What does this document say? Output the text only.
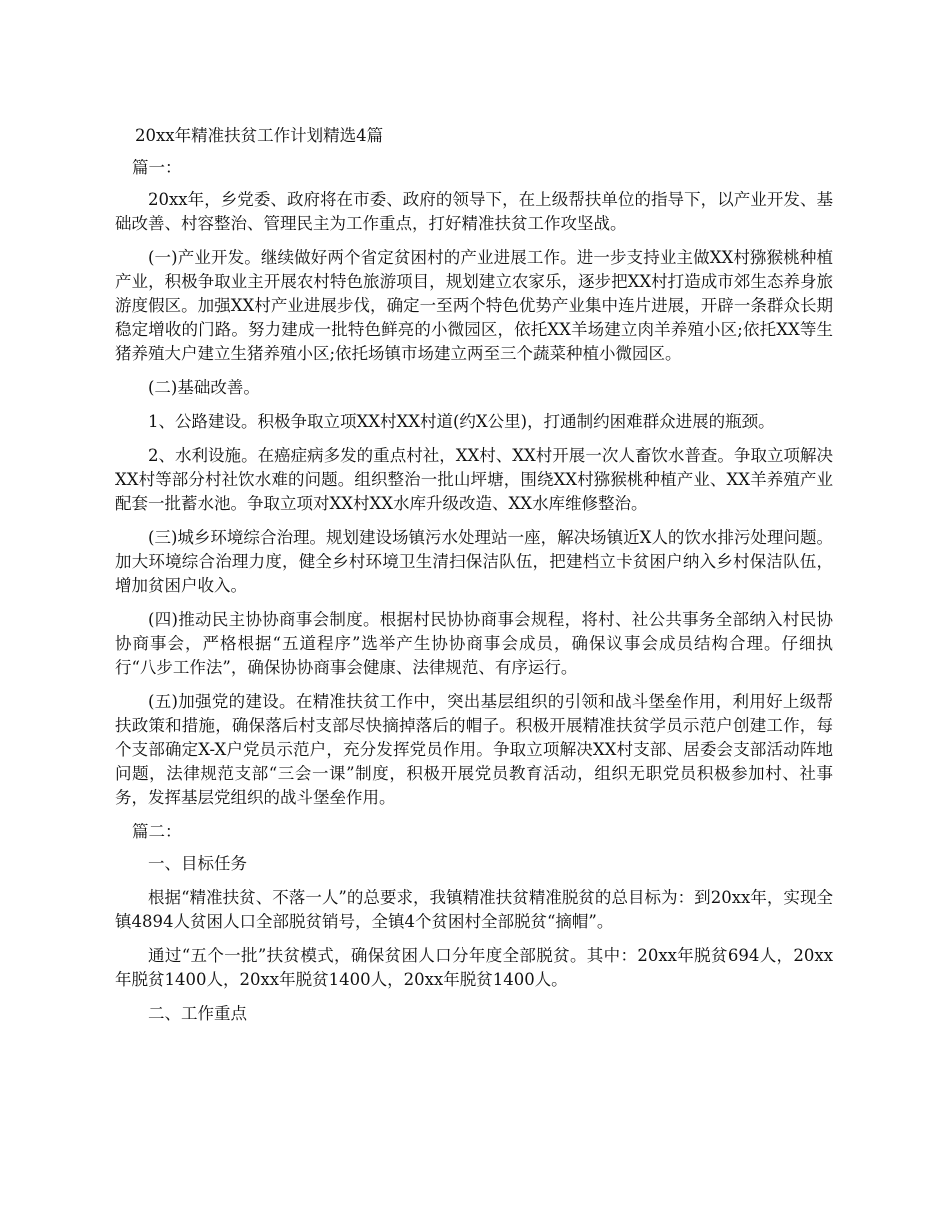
20xx年精准扶贫工作计划精选4篇
篇一：

20xx年，乡党委、政府将在市委、政府的领导下，在上级帮扶单位的指导下，以产业开发、基础改善、村容整治、管理民主为工作重点，打好精准扶贫工作攻坚战。

(一)产业开发。继续做好两个省定贫困村的产业进展工作。进一步支持业主做XX村猕猴桃种植产业，积极争取业主开展农村特色旅游项目，规划建立农家乐，逐步把XX村打造成市郊生态养身旅游度假区。加强XX村产业进展步伐，确定一至两个特色优势产业集中连片进展，开辟一条群众长期稳定增收的门路。努力建成一批特色鲜亮的小微园区，依托XX羊场建立肉羊养殖小区;依托XX等生猪养殖大户建立生猪养殖小区;依托场镇市场建立两至三个蔬菜种植小微园区。

(二)基础改善。

1、公路建设。积极争取立项XX村XX村道(约X公里)，打通制约困难群众进展的瓶颈。

2、水利设施。在癌症病多发的重点村社，XX村、XX村开展一次人畜饮水普查。争取立项解决XX村等部分村社饮水难的问题。组织整治一批山坪塘，围绕XX村猕猴桃种植产业、XX羊养殖产业配套一批蓄水池。争取立项对XX村XX水库升级改造、XX水库维修整治。

(三)城乡环境综合治理。规划建设场镇污水处理站一座，解决场镇近X人的饮水排污处理问题。加大环境综合治理力度，健全乡村环境卫生清扫保洁队伍，把建档立卡贫困户纳入乡村保洁队伍，增加贫困户收入。

(四)推动民主协协商事会制度。根据村民协协商事会规程，将村、社公共事务全部纳入村民协协商事会，严格根据“五道程序”选举产生协协商事会成员，确保议事会成员结构合理。仔细执行“八步工作法”，确保协协商事会健康、法律规范、有序运行。

(五)加强党的建设。在精准扶贫工作中，突出基层组织的引领和战斗堡垒作用，利用好上级帮扶政策和措施，确保落后村支部尽快摘掉落后的帽子。积极开展精准扶贫学员示范户创建工作，每个支部确定X-X户党员示范户，充分发挥党员作用。争取立项解决XX村支部、居委会支部活动阵地问题，法律规范支部“三会一课”制度，积极开展党员教育活动，组织无职党员积极参加村、社事务，发挥基层党组织的战斗堡垒作用。

篇二：

一、目标任务

根据“精准扶贫、不落一人”的总要求，我镇精准扶贫精准脱贫的总目标为：到20xx年，实现全镇4894人贫困人口全部脱贫销号，全镇4个贫困村全部脱贫“摘帽”。

通过“五个一批”扶贫模式，确保贫困人口分年度全部脱贫。其中：20xx年脱贫694人，20xx年脱贫1400人，20xx年脱贫1400人，20xx年脱贫1400人。

二、工作重点
